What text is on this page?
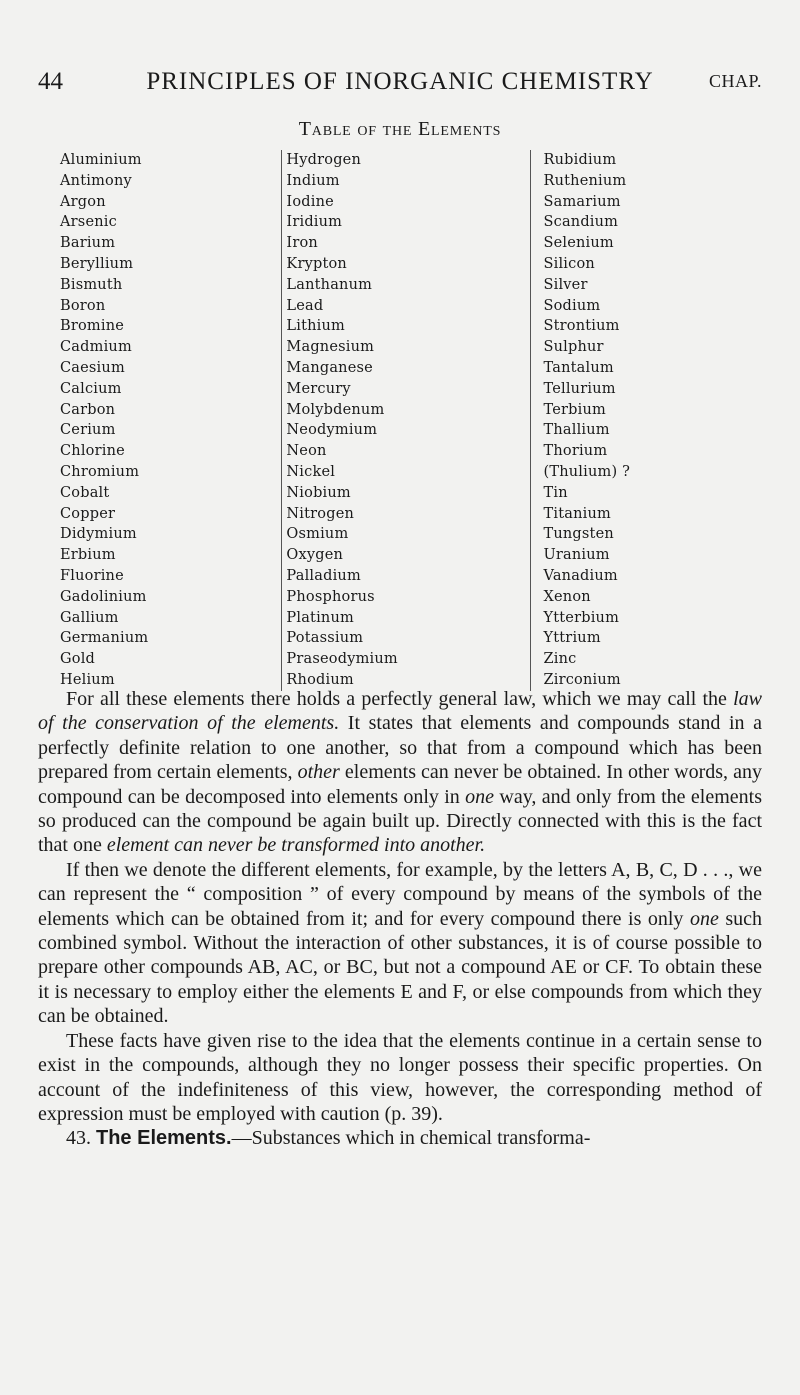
44	PRINCIPLES OF INORGANIC CHEMISTRY	CHAP.
Table of the Elements
Aluminium
Antimony
Argon
Arsenic
Barium
Beryllium
Bismuth
Boron
Bromine
Cadmium
Caesium
Calcium
Carbon
Cerium
Chlorine
Chromium
Cobalt
Copper
Didymium
Erbium
Fluorine
Gadolinium
Gallium
Germanium
Gold
Helium
Hydrogen
Indium
Iodine
Iridium
Iron
Krypton
Lanthanum
Lead
Lithium
Magnesium
Manganese
Mercury
Molybdenum
Neodymium
Neon
Nickel
Niobium
Nitrogen
Osmium
Oxygen
Palladium
Phosphorus
Platinum
Potassium
Praseodymium
Rhodium
Rubidium
Ruthenium
Samarium
Scandium
Selenium
Silicon
Silver
Sodium
Strontium
Sulphur
Tantalum
Tellurium
Terbium
Thallium
Thorium
(Thulium) ?
Tin
Titanium
Tungsten
Uranium
Vanadium
Xenon
Ytterbium
Yttrium
Zinc
Zirconium

For all these elements there holds a perfectly general law, which we may call the law of the conservation of the elements. It states that elements and compounds stand in a perfectly definite relation to one another, so that from a compound which has been prepared from certain elements, other elements can never be obtained. In other words, any compound can be decomposed into elements only in one way, and only from the elements so produced can the compound be again built up. Directly connected with this is the fact that one element can never be transformed into another.

If then we denote the different elements, for example, by the letters A, B, C, D . . ., we can represent the “ composition ” of every compound by means of the symbols of the elements which can be obtained from it; and for every compound there is only one such combined symbol. Without the interaction of other substances, it is of course possible to prepare other compounds AB, AC, or BC, but not a compound AE or CF. To obtain these it is necessary to employ either the elements E and F, or else compounds from which they can be obtained.

These facts have given rise to the idea that the elements continue in a certain sense to exist in the compounds, although they no longer possess their specific properties. On account of the indefiniteness of this view, however, the corresponding method of expression must be employed with caution (p. 39).

43. The Elements.—Substances which in chemical transforma-
